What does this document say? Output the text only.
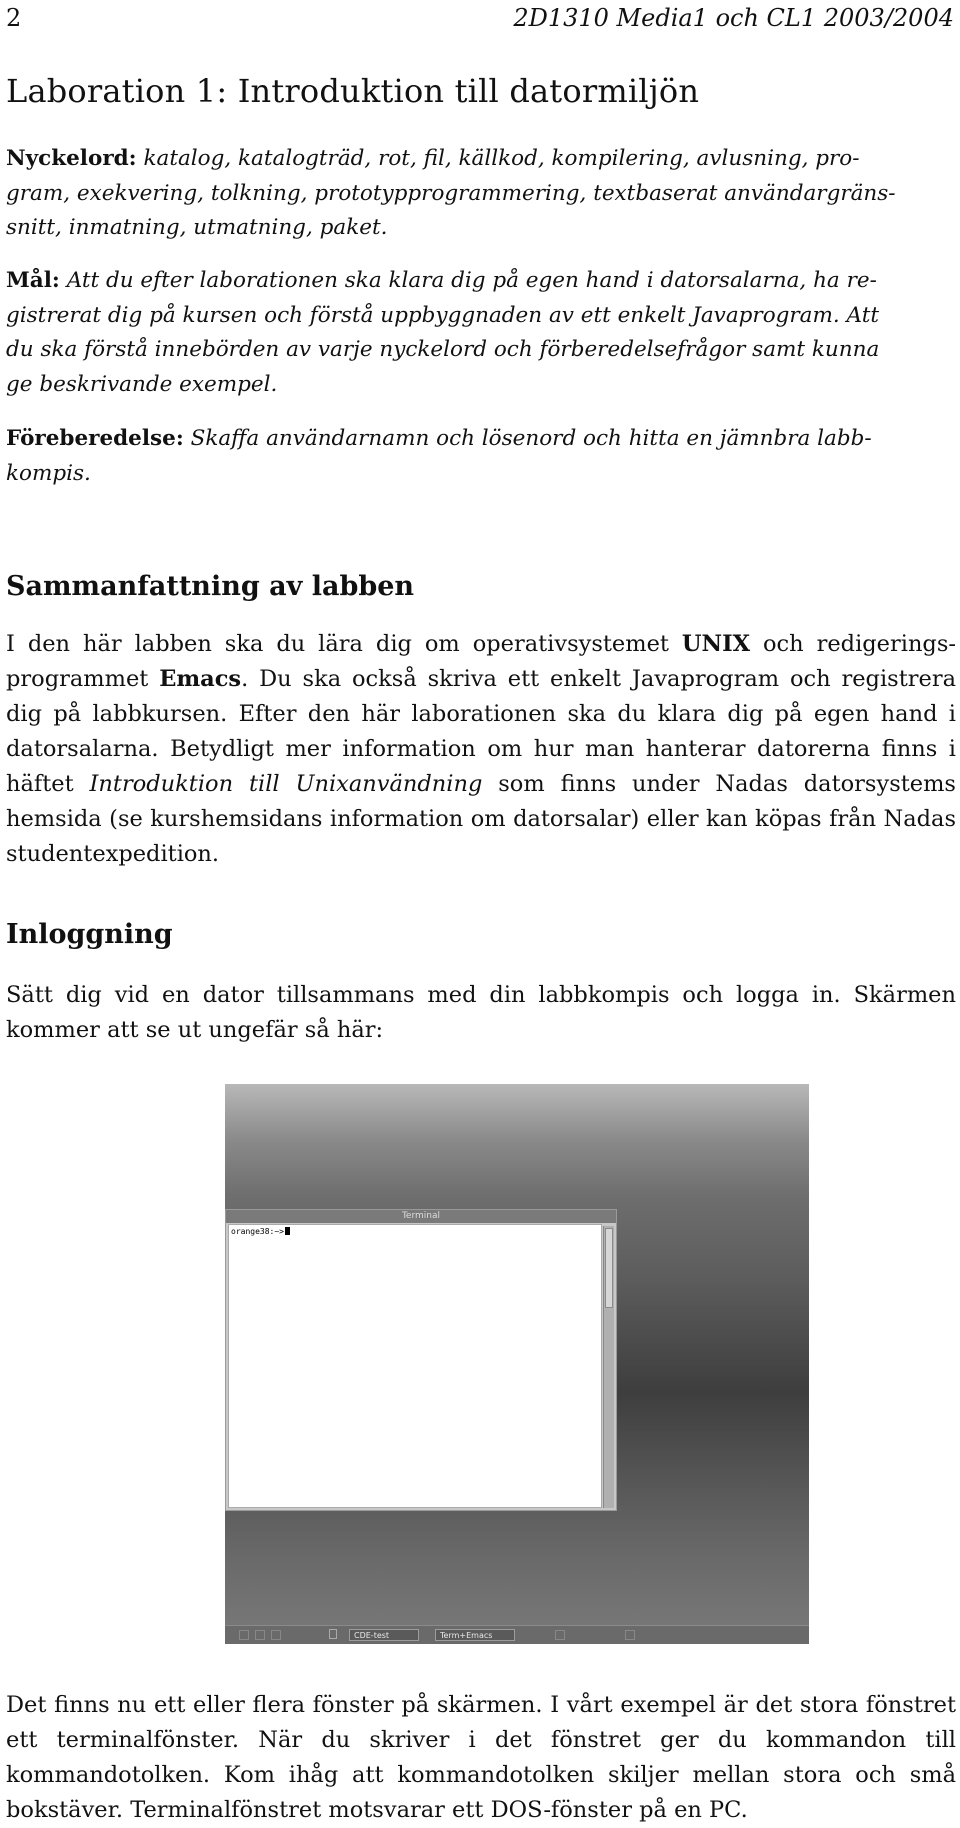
2	2D1310 Media1 och CL1 2003/2004
Laboration 1: Introduktion till datormiljön

Nyckelord: katalog, katalogträd, rot, fil, källkod, kompilering, avlusning, pro-
gram, exekvering, tolkning, prototypprogrammering, textbaserat användargräns-
snitt, inmatning, utmatning, paket.

Mål: Att du efter laborationen ska klara dig på egen hand i datorsalarna, ha re-
gistrerat dig på kursen och förstå uppbyggnaden av ett enkelt Javaprogram. Att
du ska förstå innebörden av varje nyckelord och förberedelsefrågor samt kunna
ge beskrivande exempel.

Föreberedelse: Skaffa användarnamn och lösenord och hitta en jämnbra labb-
kompis.

Sammanfattning av labben

I den här labben ska du lära dig om operativsystemet UNIX och redigerings- programmet Emacs. Du ska också skriva ett enkelt Javaprogram och registrera dig på labbkursen. Efter den här laborationen ska du klara dig på egen hand i datorsalarna. Betydligt mer information om hur man hanterar datorerna finns i häftet Introduktion till Unixanvändning som finns under Nadas datorsystems hemsida (se kurshemsidans information om datorsalar) eller kan köpas från Nadas studentexpedition.

Inloggning

Sätt dig vid en dator tillsammans med din labbkompis och logga in. Skärmen kommer att se ut ungefär så här:

Terminal
orange38:~>
CDE-test	Term+Emacs

Det finns nu ett eller flera fönster på skärmen. I vårt exempel är det stora fönstret ett terminalfönster. När du skriver i det fönstret ger du kommandon till kommandotolken. Kom ihåg att kommandotolken skiljer mellan stora och små bokstäver. Terminalfönstret motsvarar ett DOS-fönster på en PC.
